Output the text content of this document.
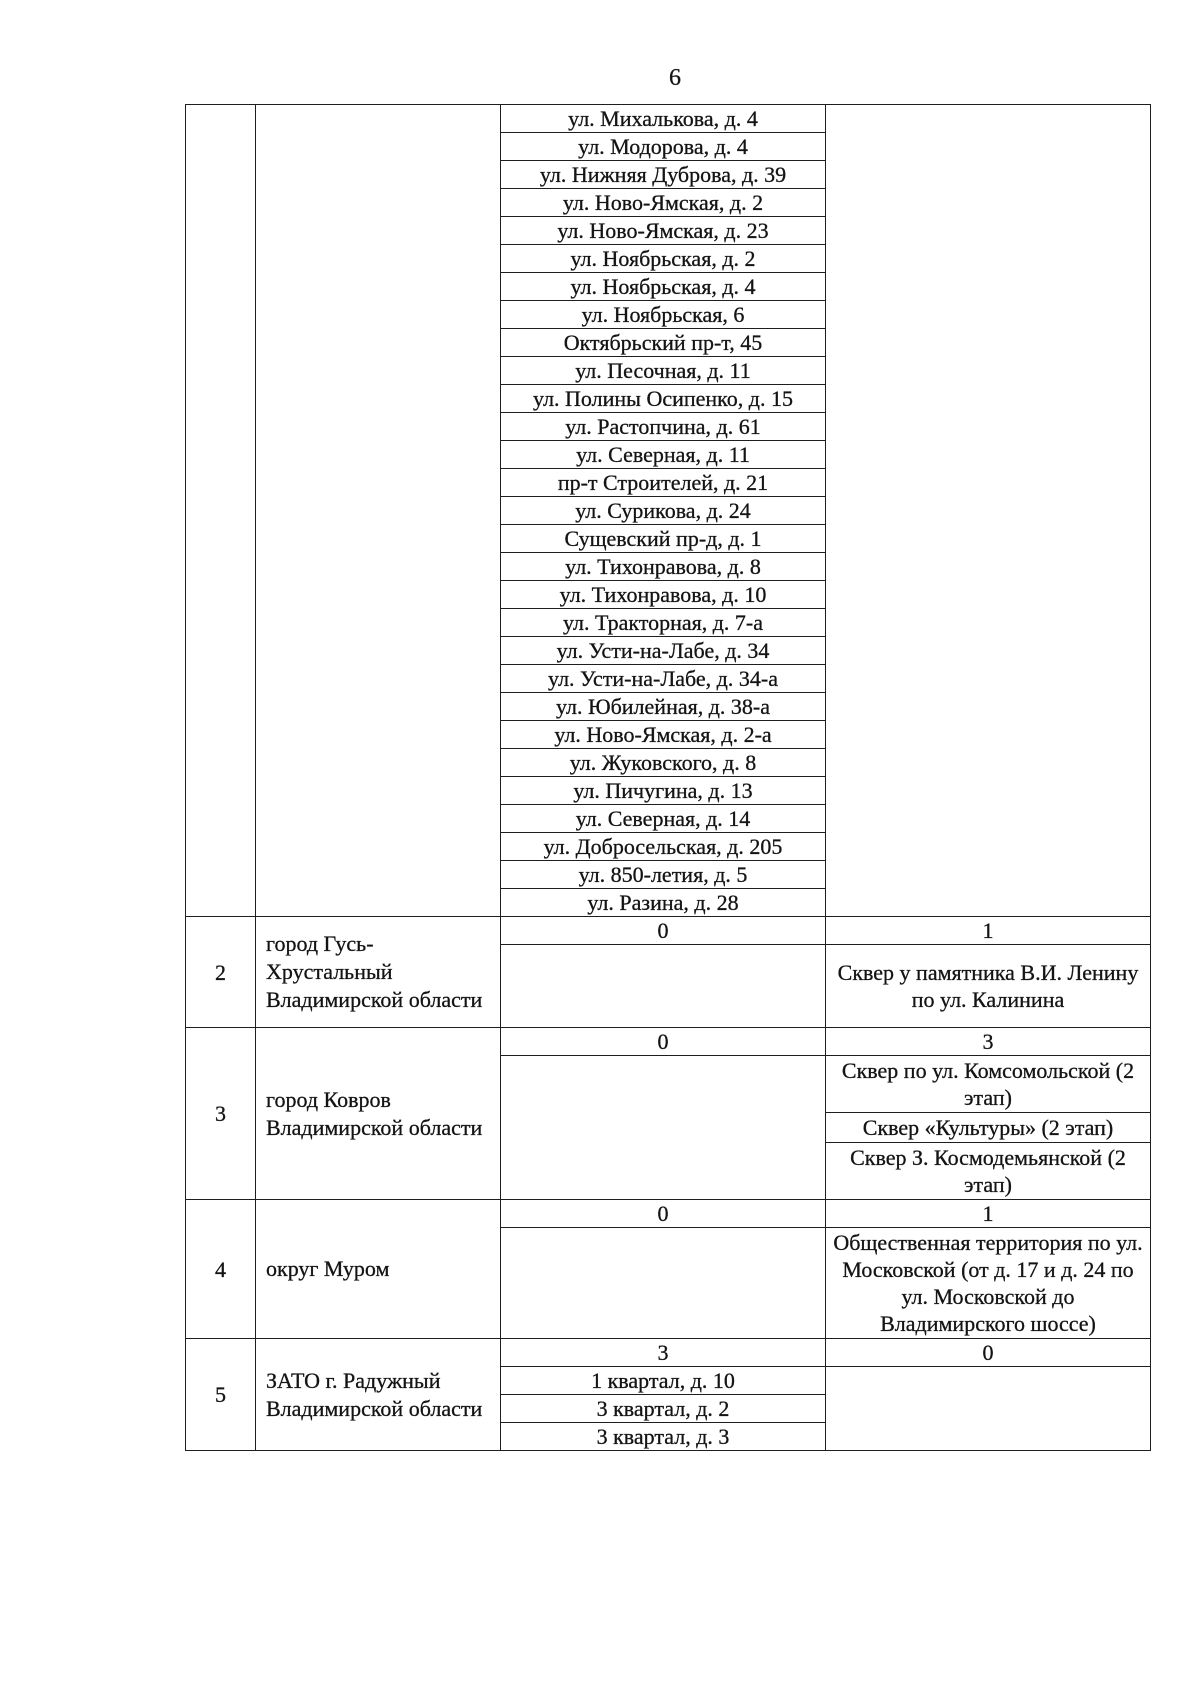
6
		ул. Михалькова, д. 4	
		ул. Модорова, д. 4	
		ул. Нижняя Дуброва, д. 39	
		ул. Ново-Ямская, д. 2	
		ул. Ново-Ямская, д. 23	
		ул. Ноябрьская, д. 2	
		ул. Ноябрьская, д. 4	
		ул. Ноябрьская, 6	
		Октябрьский пр-т, 45	
		ул. Песочная, д. 11	
		ул. Полины Осипенко, д. 15	
		ул. Растопчина, д. 61	
		ул. Северная, д. 11	
		пр-т Строителей, д. 21	
		ул. Сурикова, д. 24	
		Сущевский пр-д, д. 1	
		ул. Тихонравова, д. 8	
		ул. Тихонравова, д. 10	
		ул. Тракторная, д. 7-а	
		ул. Усти-на-Лабе, д. 34	
		ул. Усти-на-Лабе, д. 34-а	
		ул. Юбилейная, д. 38-а	
		ул. Ново-Ямская, д. 2-а	
		ул. Жуковского, д. 8	
		ул. Пичугина, д. 13	
		ул. Северная, д. 14	
		ул. Добросельская, д. 205	
		ул. 850-летия, д. 5	
		ул. Разина, д. 28	
2	город Гусь-Хрустальный Владимирской области	0	1
			Сквер у памятника В.И. Ленину по ул. Калинина
3	город Ковров Владимирской области	0	3
			Сквер по ул. Комсомольской (2 этап)
			Сквер «Культуры» (2 этап)
			Сквер З. Космодемьянской (2 этап)
4	округ Муром	0	1
			Общественная территория по ул. Московской (от д. 17 и д. 24 по ул. Московской до Владимирского шоссе)
5	ЗАТО г. Радужный Владимирской области	3	0
		1 квартал, д. 10	
		3 квартал, д. 2	
		3 квартал, д. 3	
